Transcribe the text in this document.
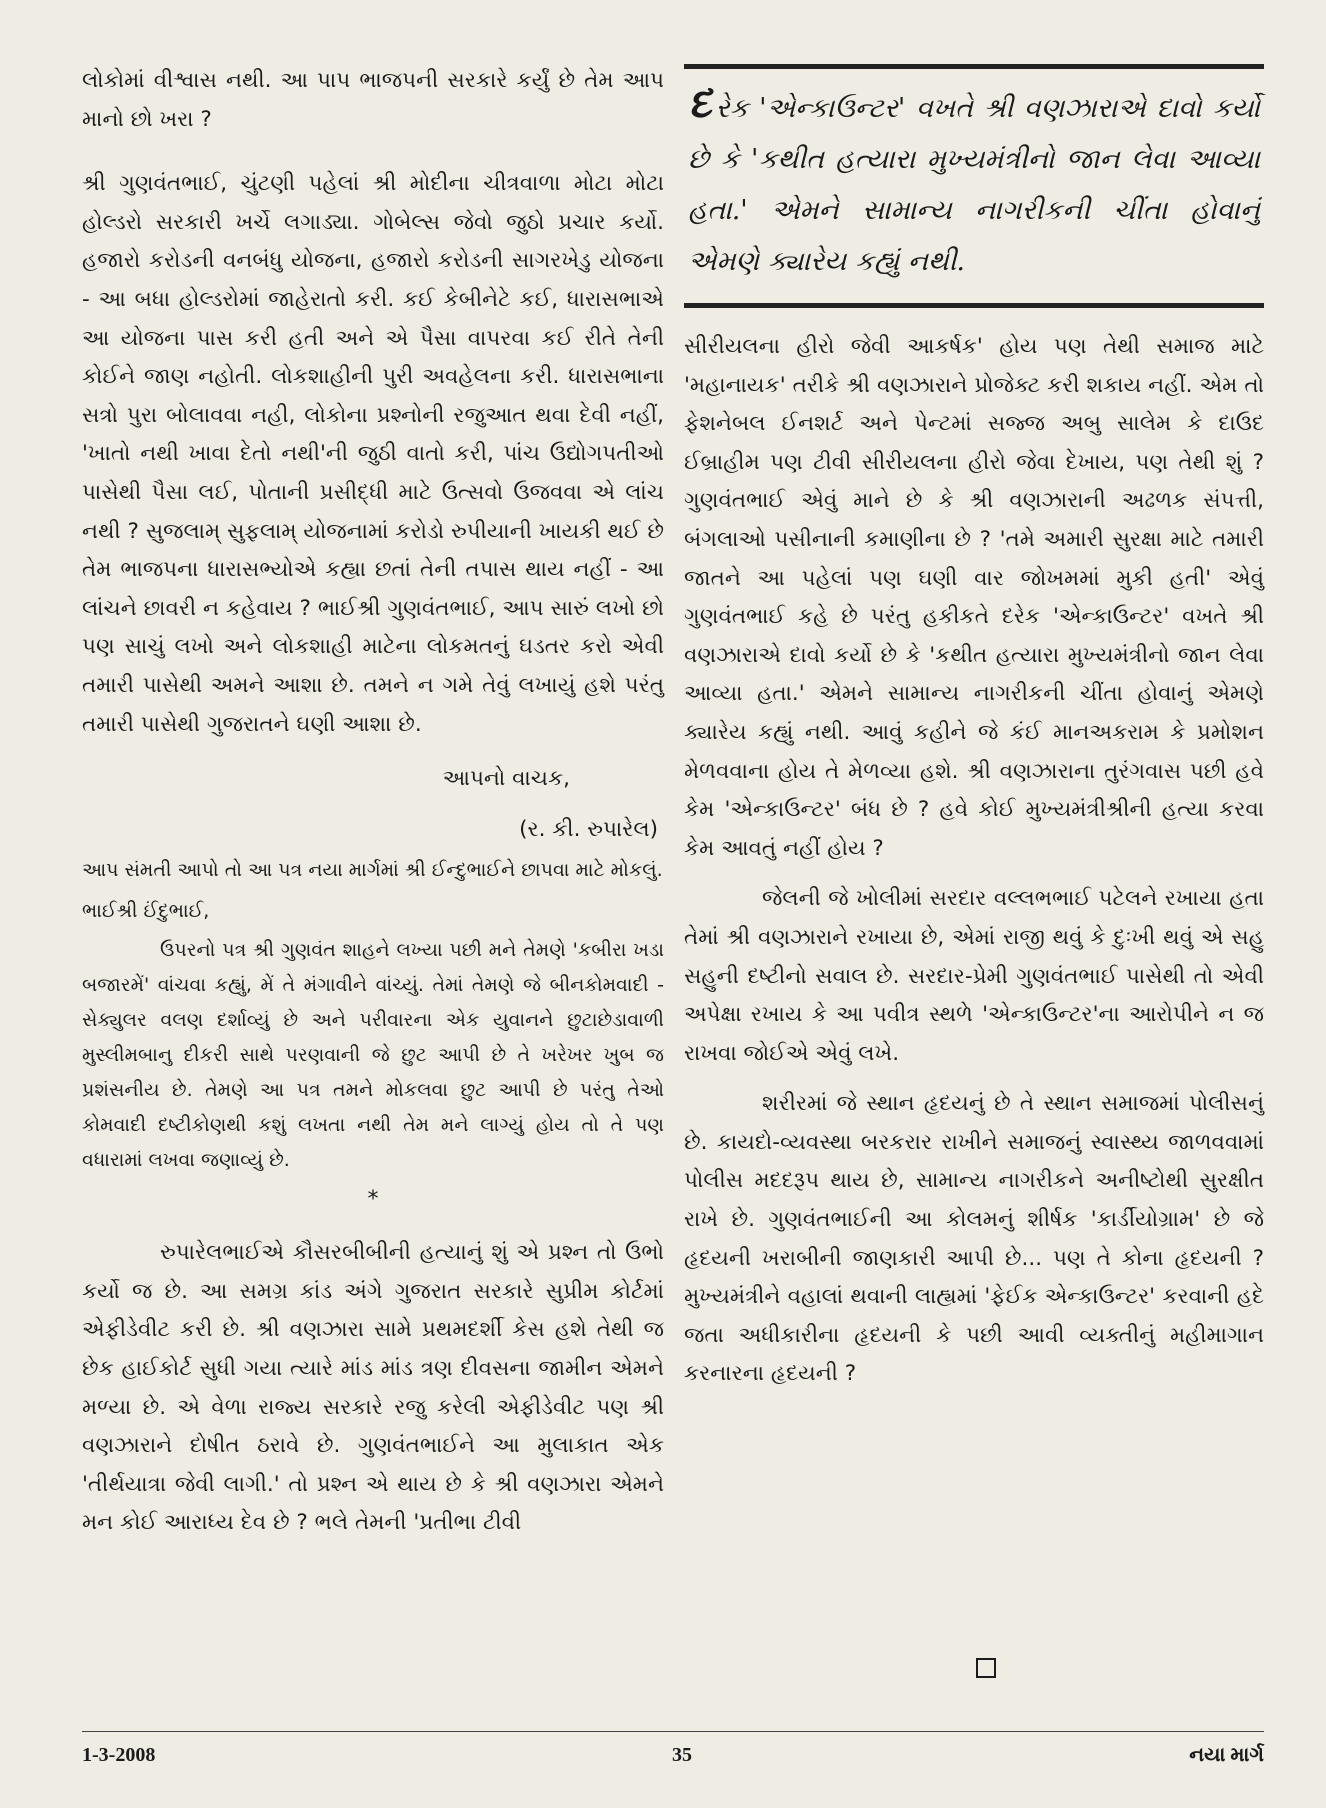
લોકોમાં વીશ્વાસ નથી. આ પાપ ભાજપની સરકારે કર્યું છે તેમ આપ માનો છો ખરા ?

શ્રી ગુણવંતભાઈ, ચુંટણી પહેલાં શ્રી મોદીના ચીત્રવાળા મોટા મોટા હોલ્ડરો સરકારી ખર્ચે લગાડ્યા. ગોબેલ્સ જેવો જુઠો પ્રચાર કર્યો. હજારો કરોડની વનબંધુ યોજના, હજારો કરોડની સાગરખેડુ યોજના - આ બધા હોલ્ડરોમાં જાહેરાતો કરી. કઈ કેબીનેટે કઈ, ધારાસભાએ આ યોજના પાસ કરી હતી અને એ પૈસા વાપરવા કઈ રીતે તેની કોઈને જાણ નહોતી. લોકશાહીની પુરી અવહેલના કરી. ધારાસભાના સત્રો પુરા બોલાવવા નહી, લોકોના પ્રશ્નોની રજુઆત થવા દેવી નહીં, 'ખાતો નથી ખાવા દેતો નથી'ની જુઠી વાતો કરી, પાંચ ઉદ્યોગપતીઓ પાસેથી પૈસા લઈ, પોતાની પ્રસીદ્ધી માટે ઉત્સવો ઉજવવા એ લાંચ નથી ? સુજલામ્ સુફલામ્ યોજનામાં કરોડો રુપીયાની ખાયકી થઈ છે તેમ ભાજપના ધારાસભ્યોએ કહ્યા છતાં તેની તપાસ થાય નહીં - આ લાંચને છાવરી ન કહેવાય ? ભાઈશ્રી ગુણવંતભાઈ, આપ સારું લખો છો પણ સાચું લખો અને લોકશાહી માટેના લોકમતનું ઘડતર કરો એવી તમારી પાસેથી અમને આશા છે. તમને ન ગમે તેવું લખાયું હશે પરંતુ તમારી પાસેથી ગુજરાતને ઘણી આશા છે.

આપનો વાચક,

(ર. કી. રુપારેલ)

આપ સંમતી આપો તો આ પત્ર નયા માર્ગમાં શ્રી ઈન્દુભાઈને છાપવા માટે મોકલું.

ભાઈશ્રી ઈંદુભાઈ,

ઉપરનો પત્ર શ્રી ગુણવંત શાહને લખ્યા પછી મને તેમણે 'કબીરા ખડા બજારમેં' વાંચવા કહ્યું, મેં તે મંગાવીને વાંચ્યું. તેમાં તેમણે જે બીનકોમવાદી - સેક્યુલર વલણ દર્શાવ્યું છે અને પરીવારના એક યુવાનને છુટાછેડાવાળી મુસ્લીમબાનુ દીકરી સાથે પરણવાની જે છુટ આપી છે તે ખરેખર ખુબ જ પ્રશંસનીય છે. તેમણે આ પત્ર તમને મોકલવા છુટ આપી છે પરંતુ તેઓ કોમવાદી દષ્ટીકોણથી કશું લખતા નથી તેમ મને લાગ્યું હોય તો તે પણ વધારામાં લખવા જણાવ્યું છે.

*

રુપારેલભાઈએ કૌસરબીબીની હત્યાનું શું એ પ્રશ્ન તો ઉભો કર્યો જ છે. આ સમગ્ર કાંડ અંગે ગુજરાત સરકારે સુપ્રીમ કોર્ટમાં એફીડેવીટ કરી છે. શ્રી વણઝારા સામે પ્રથમદર્શી કેસ હશે તેથી જ છેક હાઈકોર્ટ સુધી ગયા ત્યારે માંડ માંડ ત્રણ દીવસના જામીન એમને મળ્યા છે. એ વેળા રાજ્ય સરકારે રજુ કરેલી એફીડેવીટ પણ શ્રી વણઝારાને દોષીત ઠરાવે છે. ગુણવંતભાઈને આ મુલાકાત એક 'તીર્થયાત્રા જેવી લાગી.' તો પ્રશ્ન એ થાય છે કે શ્રી વણઝારા એમને મન કોઈ આરાધ્ય દેવ છે ? ભલે તેમની 'પ્રતીભા ટીવી

દરેક 'એન્કાઉન્ટર' વખતે શ્રી વણઝારાએ દાવો કર્યો છે કે 'કથીત હત્યારા મુખ્યમંત્રીનો જાન લેવા આવ્યા હતા.' એમને સામાન્ય નાગરીકની ચીંતા હોવાનું એમણે ક્યારેય કહ્યું નથી.

સીરીયલના હીરો જેવી આકર્ષક' હોય પણ તેથી સમાજ માટે 'મહાનાયક' તરીકે શ્રી વણઝારાને પ્રોજેક્ટ કરી શકાય નહીં. એમ તો ફેશનેબલ ઈનશર્ટ અને પેન્ટમાં સજ્જ અબુ સાલેમ કે દાઉદ ઈબ્રાહીમ પણ ટીવી સીરીયલના હીરો જેવા દેખાય, પણ તેથી શું ? ગુણવંતભાઈ એવું માને છે કે શ્રી વણઝારાની અઢળક સંપત્તી, બંગલાઓ પસીનાની કમાણીના છે ? 'તમે અમારી સુરક્ષા માટે તમારી જાતને આ પહેલાં પણ ઘણી વાર જોખમમાં મુકી હતી' એવું ગુણવંતભાઈ કહે છે પરંતુ હકીકતે દરેક 'એન્કાઉન્ટર' વખતે શ્રી વણઝારાએ દાવો કર્યો છે કે 'કથીત હત્યારા મુખ્યમંત્રીનો જાન લેવા આવ્યા હતા.' એમને સામાન્ય નાગરીકની ચીંતા હોવાનું એમણે ક્યારેય કહ્યું નથી. આવું કહીને જે કંઈ માનઅકરામ કે પ્રમોશન મેળવવાના હોય તે મેળવ્યા હશે. શ્રી વણઝારાના તુરંગવાસ પછી હવે કેમ 'એન્કાઉન્ટર' બંધ છે ? હવે કોઈ મુખ્યમંત્રીશ્રીની હત્યા કરવા કેમ આવતું નહીં હોય ?

જેલની જે ખોલીમાં સરદાર વલ્લભભાઈ પટેલને રખાયા હતા તેમાં શ્રી વણઝારાને રખાયા છે, એમાં રાજી થવું કે દુઃખી થવું એ સહુ સહુની દષ્ટીનો સવાલ છે. સરદાર-પ્રેમી ગુણવંતભાઈ પાસેથી તો એવી અપેક્ષા રખાય કે આ પવીત્ર સ્થળે 'એન્કાઉન્ટર'ના આરોપીને ન જ રાખવા જોઈએ એવું લખે.

શરીરમાં જે સ્થાન હૃદયનું છે તે સ્થાન સમાજમાં પોલીસનું છે. કાયદો-વ્યવસ્થા બરકરાર રાખીને સમાજનું સ્વાસ્થ્ય જાળવવામાં પોલીસ મદદરૂપ થાય છે, સામાન્ય નાગરીકને અનીષ્ટોથી સુરક્ષીત રાખે છે. ગુણવંતભાઈની આ કોલમનું શીર્ષક 'કાર્ડીયોગ્રામ' છે જે હૃદયની ખરાબીની જાણકારી આપી છે... પણ તે કોના હૃદયની ? મુખ્યમંત્રીને વહાલાં થવાની લાહ્યમાં 'ફેઈક એન્કાઉન્ટર' કરવાની હદે જતા અધીકારીના હૃદયની કે પછી આવી વ્યક્તીનું મહીમાગાન કરનારના હૃદયની ?

1-3-2008	35	નયા માર્ગ
